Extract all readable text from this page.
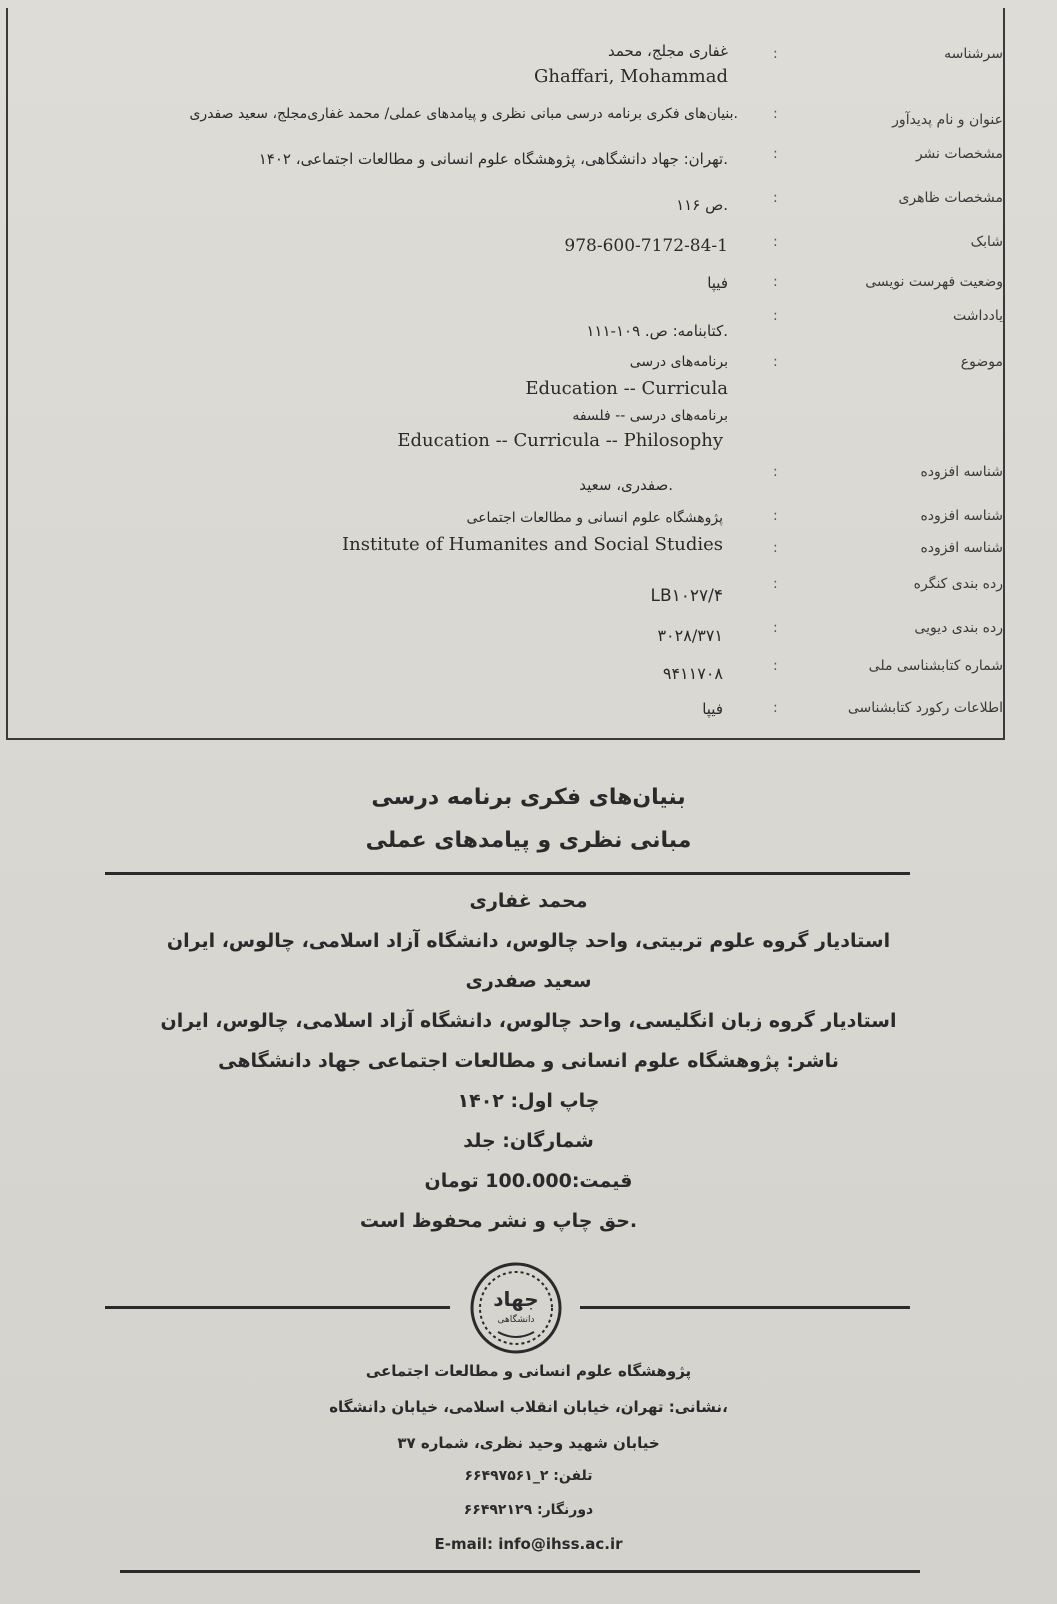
سرشناسه
:
غفاری مجلج، محمد
Ghaffari, Mohammad
عنوان و نام پدیدآور
:
بنیان‌های فکری برنامه درسی مبانی نظری و پیامدهای عملی/ محمد غفاری‌مجلج، سعید صفدری.
مشخصات نشر
:
تهران: جهاد دانشگاهی، پژوهشگاه علوم انسانی و مطالعات اجتماعی، ۱۴۰۲.
مشخصات ظاهری
:
۱۱۶ ص.
شابک
:
978-600-7172-84-1
وضعیت فهرست نویسی
:
فیپا
یادداشت
:
کتابنامه: ص. ۱۰۹-۱۱۱.
موضوع
:
برنامه‌های درسی
Education -- Curricula
برنامه‌های درسی -- فلسفه
Education -- Curricula -- Philosophy
شناسه افزوده
:
صفدری، سعید.
شناسه افزوده
:
پژوهشگاه علوم انسانی و مطالعات اجتماعی
شناسه افزوده
:
Institute of Humanites and Social Studies
رده بندی کنگره
:
LB۱۰۲۷/۴
رده بندی دیویی
:
۳۰۲۸/۳۷۱
شماره کتابشناسی ملی
:
۹۴۱۱۷۰۸
اطلاعات رکورد کتابشناسی
:
فیپا
بنیان‌های فکری برنامه درسی
مبانی نظری و پیامدهای عملی
محمد غفاری
استادیار گروه علوم تربیتی، واحد چالوس، دانشگاه آزاد اسلامی، چالوس، ایران
سعید صفدری
استادیار گروه زبان انگلیسی، واحد چالوس، دانشگاه آزاد اسلامی، چالوس، ایران
ناشر: پژوهشگاه علوم انسانی و مطالعات اجتماعی جهاد دانشگاهی
چاپ اول: ۱۴۰۲
شمارگان: جلد
قیمت:100.000 تومان
حق چاپ و نشر محفوظ است.
جهاد
دانشگاهی
پژوهشگاه علوم انسانی و مطالعات اجتماعی
نشانی: تهران، خیابان انقلاب اسلامی، خیابان دانشگاه،
خیابان شهید وحید نظری، شماره ۳۷
تلفن: ۲_۶۶۴۹۷۵۶۱
دورنگار: ۶۶۴۹۲۱۲۹
E-mail: info@ihss.ac.ir
